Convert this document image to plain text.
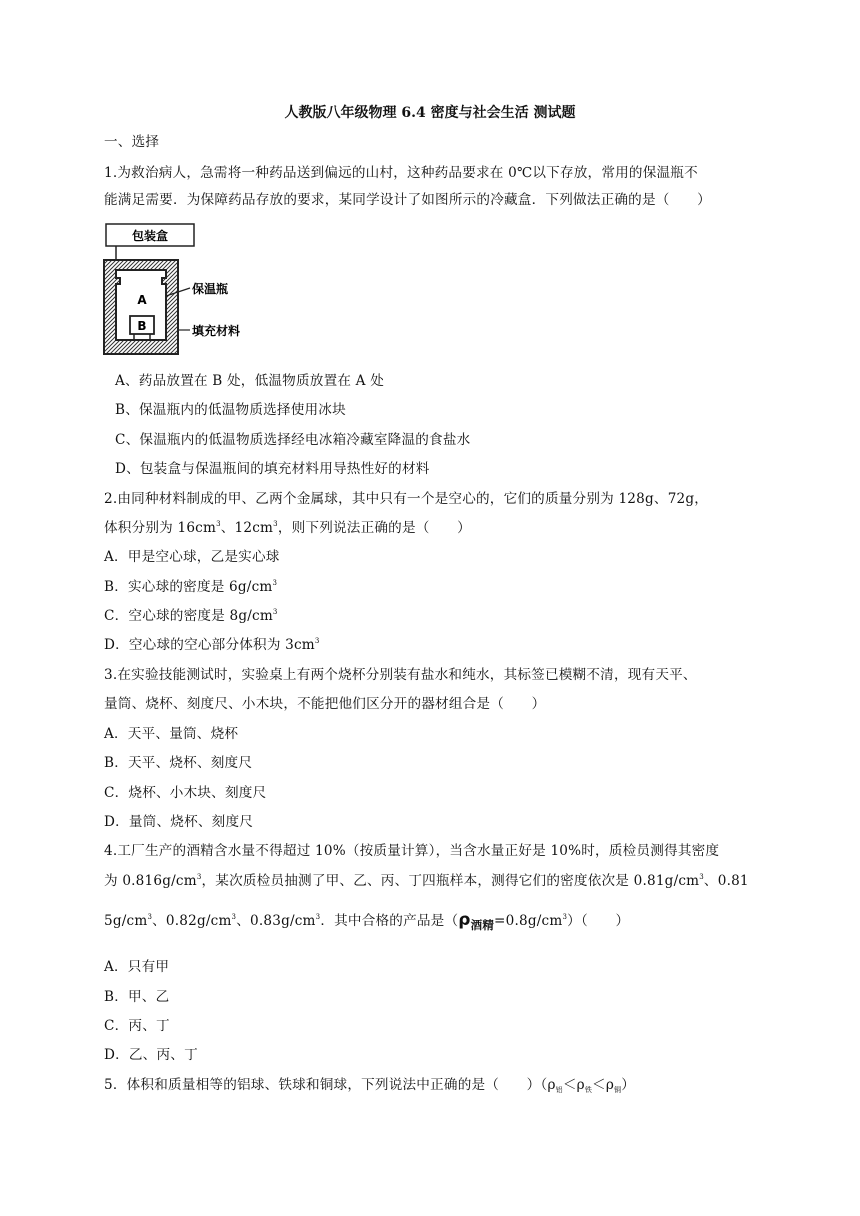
人教版八年级物理 6.4 密度与社会生活 测试题
一、选择
1.为救治病人，急需将一种药品送到偏远的山村，这种药品要求在 0℃以下存放，常用的保温瓶不
能满足需要．为保障药品存放的要求，某同学设计了如图所示的冷藏盒．下列做法正确的是（　　）
包装盒
A
B
保温瓶
填充材料
A、药品放置在 B 处，低温物质放置在 A 处
B、保温瓶内的低温物质选择使用冰块
C、保温瓶内的低温物质选择经电冰箱冷藏室降温的食盐水
D、包装盒与保温瓶间的填充材料用导热性好的材料
2.由同种材料制成的甲、乙两个金属球，其中只有一个是空心的，它们的质量分别为 128g、72g，
体积分别为 $16cm^3$、$12cm^3$，则下列说法正确的是（　　）
A．甲是空心球，乙是实心球
B．实心球的密度是 $6g/cm^3$
C．空心球的密度是 $8g/cm^3$
D．空心球的空心部分体积为 $3cm^3$
3.在实验技能测试时，实验桌上有两个烧杯分别装有盐水和纯水，其标签已模糊不清，现有天平、
量筒、烧杯、刻度尺、小木块，不能把他们区分开的器材组合是（　　）
A．天平、量筒、烧杯
B．天平、烧杯、刻度尺
C．烧杯、小木块、刻度尺
D．量筒、烧杯、刻度尺
4.工厂生产的酒精含水量不得超过 10%（按质量计算），当含水量正好是 10%时，质检员测得其密度
为 $0.816g/cm^3$，某次质检员抽测了甲、乙、丙、丁四瓶样本，测得它们的密度依次是 $0.81g/cm^3$、0.81
$5g/cm^3$、$0.82g/cm^3$、$0.83g/cm^3$．其中合格的产品是$(\rho_{酒精}=0.8g/cm^3)$（　　）
A．只有甲
B．甲、乙
C．丙、丁
D．乙、丙、丁
5．体积和质量相等的铝球、铁球和铜球，下列说法中正确的是（　　）$(\rho_铝<\rho_铁<\rho_铜)$
